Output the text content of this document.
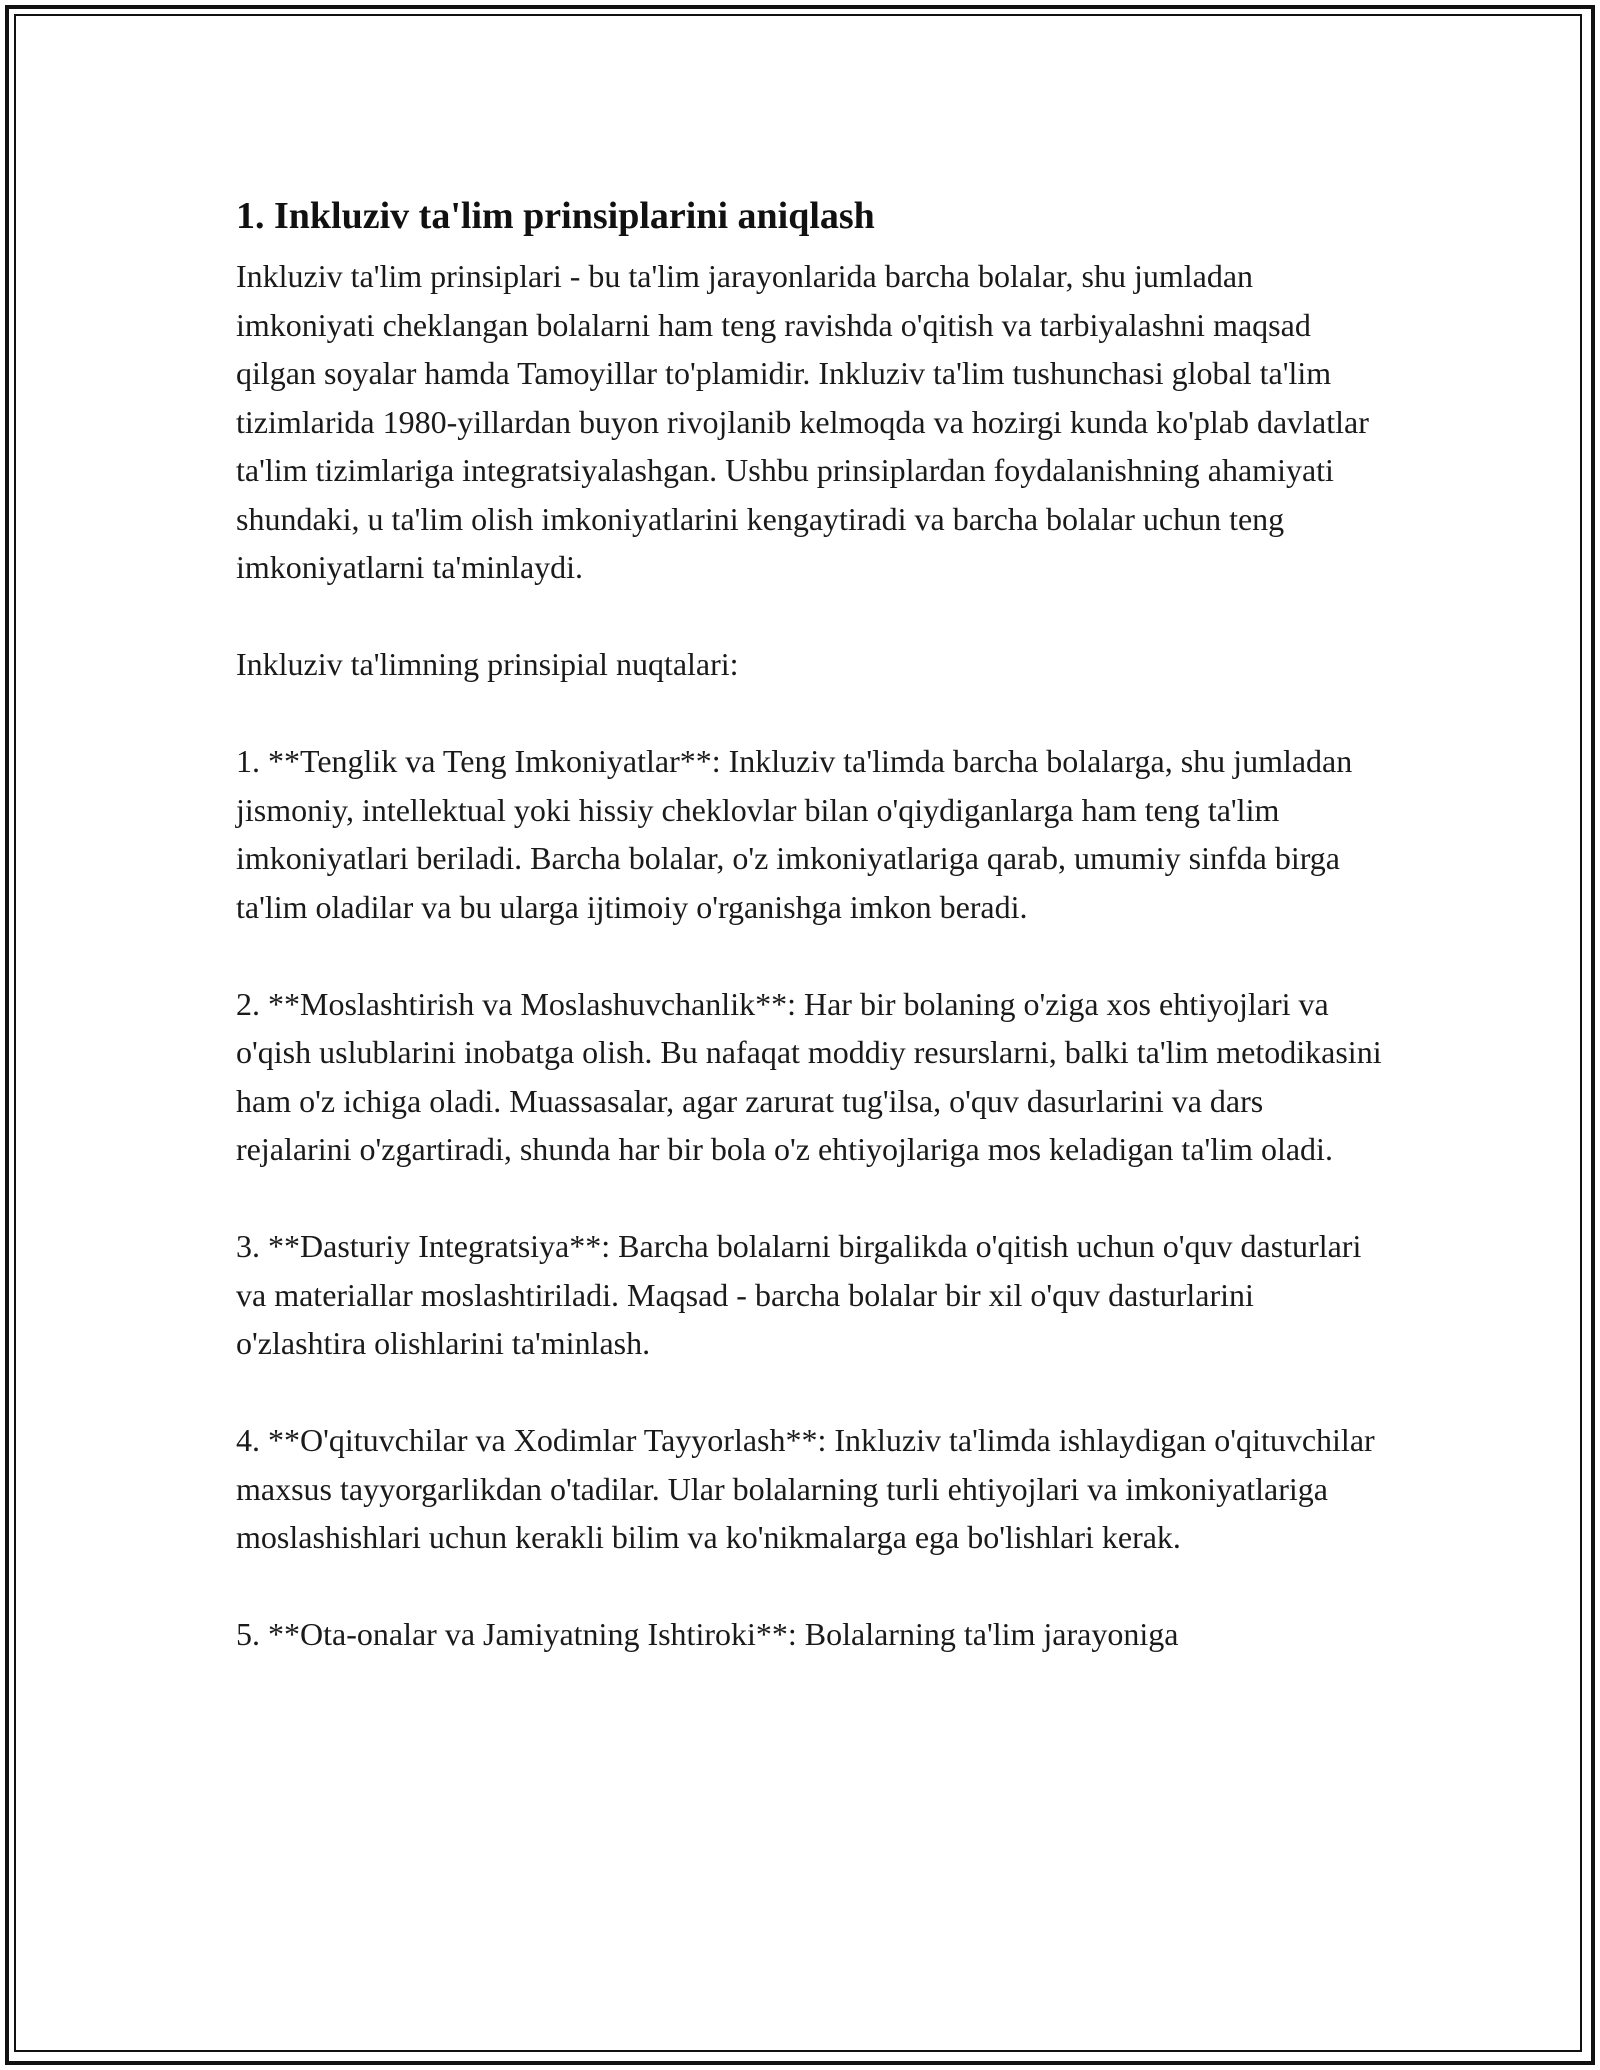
1. Inkluziv ta'lim prinsiplarini aniqlash

Inkluziv ta'lim prinsiplari - bu ta'lim jarayonlarida barcha bolalar, shu jumladan imkoniyati cheklangan bolalarni ham teng ravishda o'qitish va tarbiyalashni maqsad qilgan soyalar hamda Tamoyillar to'plamidir. Inkluziv ta'lim tushunchasi global ta'lim tizimlarida 1980-yillardan buyon rivojlanib kelmoqda va hozirgi kunda ko'plab davlatlar ta'lim tizimlariga integratsiyalashgan. Ushbu prinsiplardan foydalanishning ahamiyati shundaki, u ta'lim olish imkoniyatlarini kengaytiradi va barcha bolalar uchun teng imkoniyatlarni ta'minlaydi.

Inkluziv ta'limning prinsipial nuqtalari:

1. **Tenglik va Teng Imkoniyatlar**: Inkluziv ta'limda barcha bolalarga, shu jumladan jismoniy, intellektual yoki hissiy cheklovlar bilan o'qiydiganlarga ham teng ta'lim imkoniyatlari beriladi. Barcha bolalar, o'z imkoniyatlariga qarab, umumiy sinfda birga ta'lim oladilar va bu ularga ijtimoiy o'rganishga imkon beradi.

2. **Moslashtirish va Moslashuvchanlik**: Har bir bolaning o'ziga xos ehtiyojlari va o'qish uslublarini inobatga olish. Bu nafaqat moddiy resurslarni, balki ta'lim metodikasini ham o'z ichiga oladi. Muassasalar, agar zarurat tug'ilsa, o'quv dasurlarini va dars rejalarini o'zgartiradi, shunda har bir bola o'z ehtiyojlariga mos keladigan ta'lim oladi.

3. **Dasturiy Integratsiya**: Barcha bolalarni birgalikda o'qitish uchun o'quv dasturlari va materiallar moslashtiriladi. Maqsad - barcha bolalar bir xil o'quv dasturlarini o'zlashtira olishlarini ta'minlash.

4. **O'qituvchilar va Xodimlar Tayyorlash**: Inkluziv ta'limda ishlaydigan o'qituvchilar maxsus tayyorgarlikdan o'tadilar. Ular bolalarning turli ehtiyojlari va imkoniyatlariga moslashishlari uchun kerakli bilim va ko'nikmalarga ega bo'lishlari kerak.

5. **Ota-onalar va Jamiyatning Ishtiroki**: Bolalarning ta'lim jarayoniga
